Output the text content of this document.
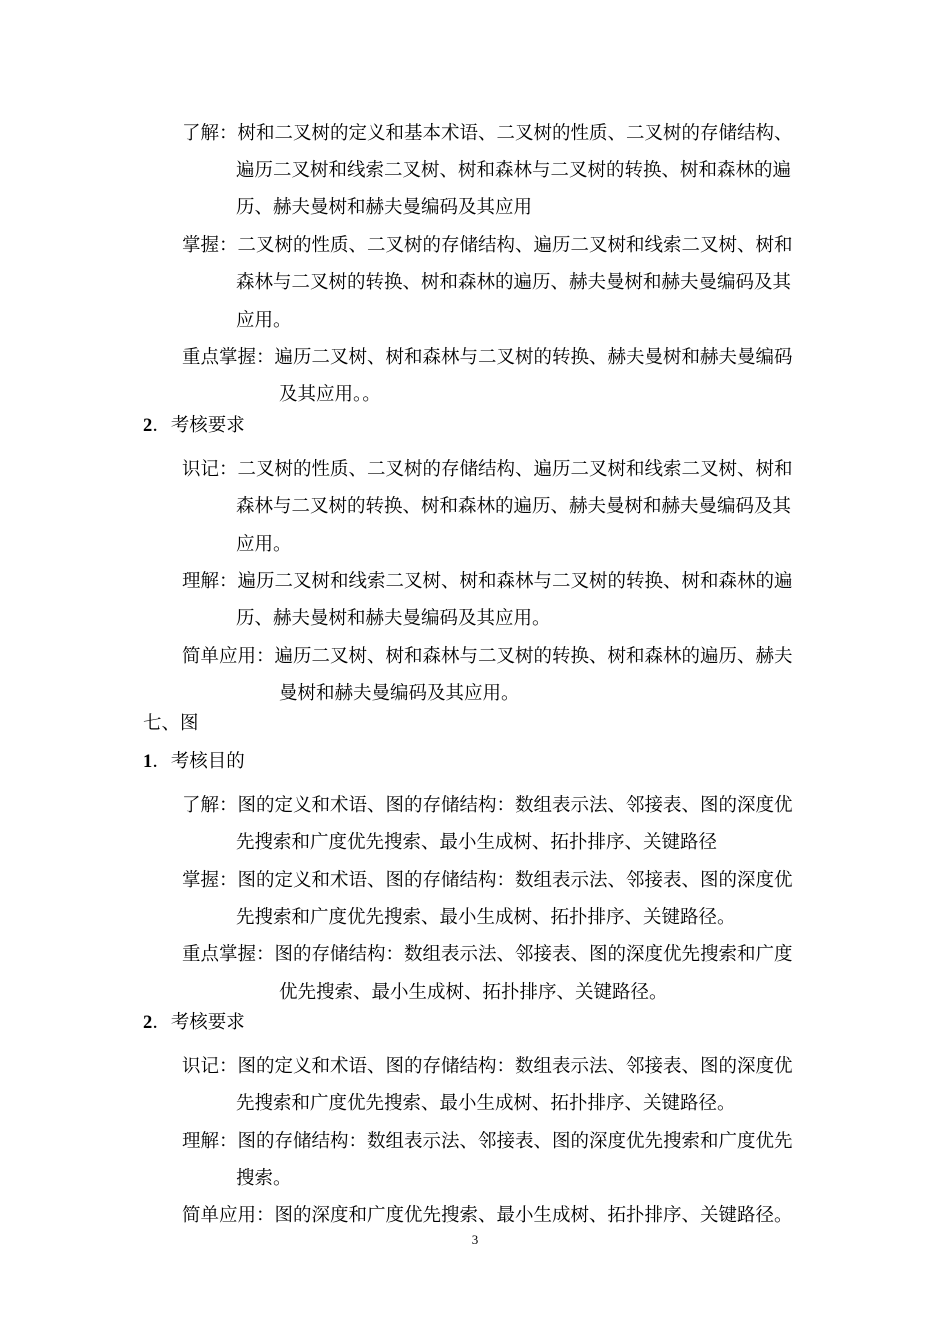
了解：树和二叉树的定义和基本术语、二叉树的性质、二叉树的存储结构、
遍历二叉树和线索二叉树、树和森林与二叉树的转换、树和森林的遍
历、赫夫曼树和赫夫曼编码及其应用
掌握：二叉树的性质、二叉树的存储结构、遍历二叉树和线索二叉树、树和
森林与二叉树的转换、树和森林的遍历、赫夫曼树和赫夫曼编码及其
应用。
重点掌握：遍历二叉树、树和森林与二叉树的转换、赫夫曼树和赫夫曼编码
及其应用。。
2．考核要求
识记：二叉树的性质、二叉树的存储结构、遍历二叉树和线索二叉树、树和
森林与二叉树的转换、树和森林的遍历、赫夫曼树和赫夫曼编码及其
应用。
理解：遍历二叉树和线索二叉树、树和森林与二叉树的转换、树和森林的遍
历、赫夫曼树和赫夫曼编码及其应用。
简单应用：遍历二叉树、树和森林与二叉树的转换、树和森林的遍历、赫夫
曼树和赫夫曼编码及其应用。
七、图
1．考核目的
了解：图的定义和术语、图的存储结构：数组表示法、邻接表、图的深度优
先搜索和广度优先搜索、最小生成树、拓扑排序、关键路径
掌握：图的定义和术语、图的存储结构：数组表示法、邻接表、图的深度优
先搜索和广度优先搜索、最小生成树、拓扑排序、关键路径。
重点掌握：图的存储结构：数组表示法、邻接表、图的深度优先搜索和广度
优先搜索、最小生成树、拓扑排序、关键路径。
2．考核要求
识记：图的定义和术语、图的存储结构：数组表示法、邻接表、图的深度优
先搜索和广度优先搜索、最小生成树、拓扑排序、关键路径。
理解：图的存储结构：数组表示法、邻接表、图的深度优先搜索和广度优先
搜索。
简单应用：图的深度和广度优先搜索、最小生成树、拓扑排序、关键路径。
3
